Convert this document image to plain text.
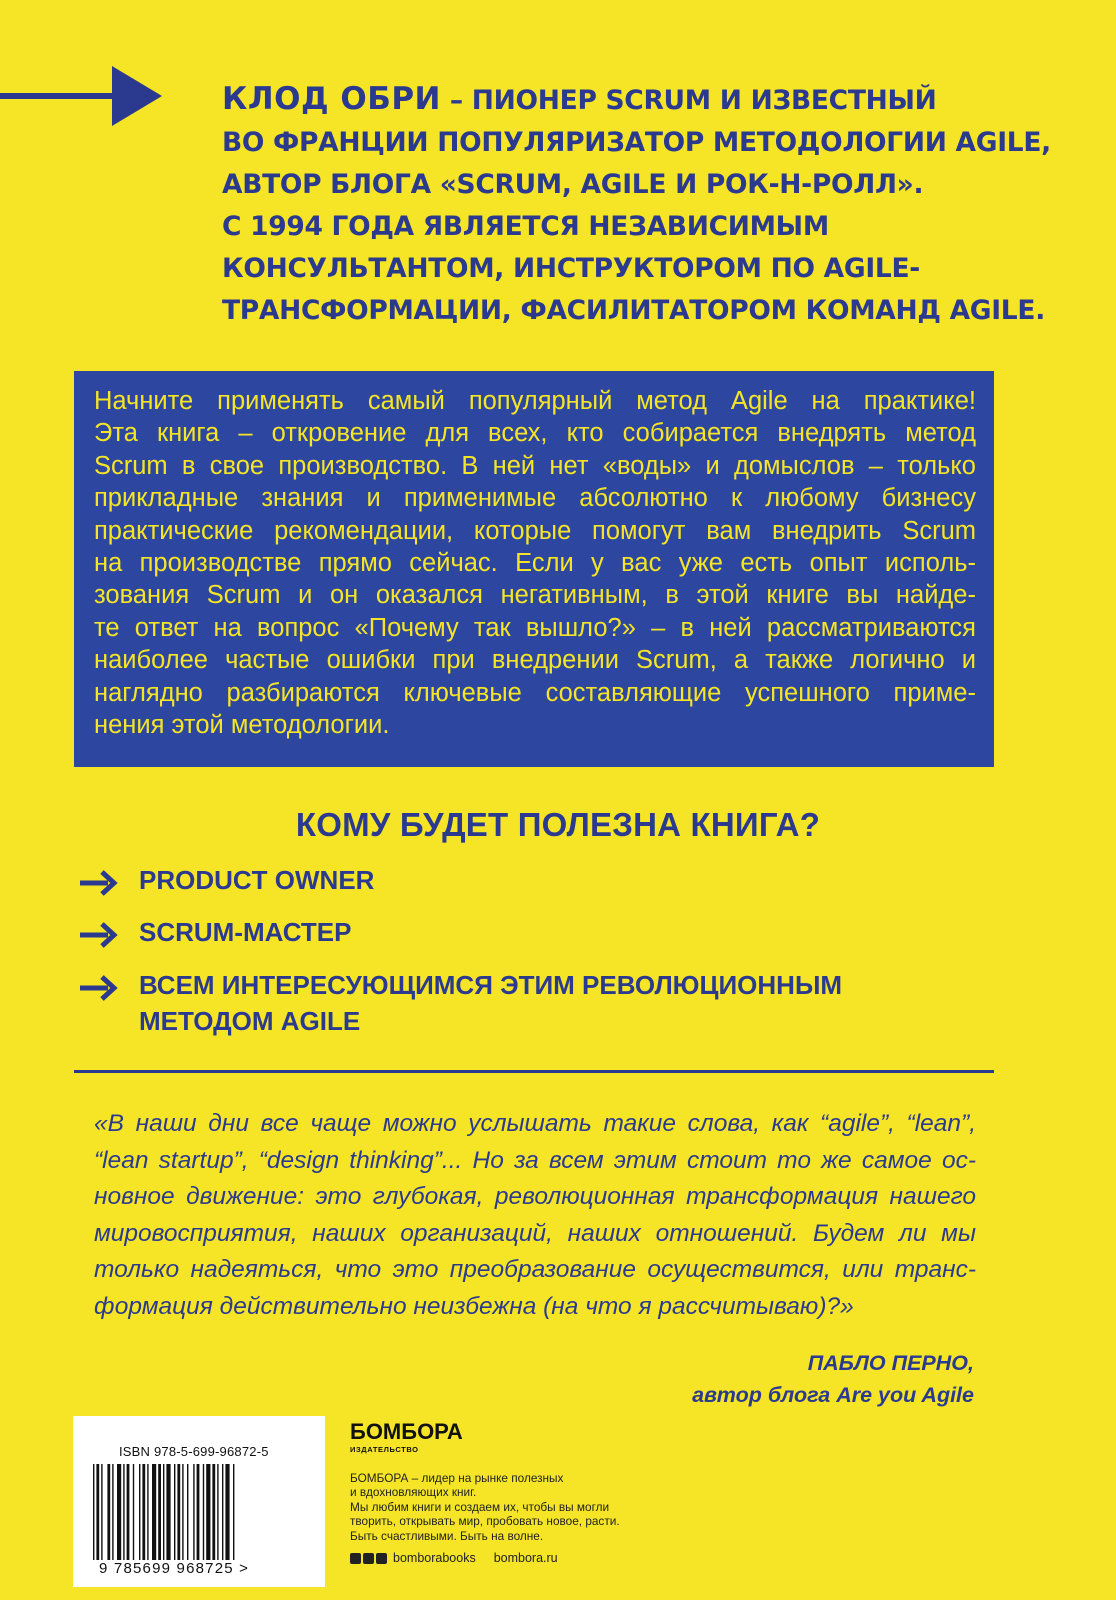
КЛОД ОБРИ – ПИОНЕР SCRUM И ИЗВЕСТНЫЙ
ВО ФРАНЦИИ ПОПУЛЯРИЗАТОР МЕТОДОЛОГИИ AGILE,
АВТОР БЛОГА «SCRUM, AGILE И РОК-Н-РОЛЛ».
С 1994 ГОДА ЯВЛЯЕТСЯ НЕЗАВИСИМЫМ
КОНСУЛЬТАНТОМ, ИНСТРУКТОРОМ ПО AGILE-
ТРАНСФОРМАЦИИ, ФАСИЛИТАТОРОМ КОМАНД AGILE.
Начните применять самый популярный метод Agile на практике!
Эта книга – откровение для всех, кто собирается внедрять метод
Scrum в свое производство. В ней нет «воды» и домыслов – только
прикладные знания и применимые абсолютно к любому бизнесу
практические рекомендации, которые помогут вам внедрить Scrum
на производстве прямо сейчас. Если у вас уже есть опыт исполь-
зования Scrum и он оказался негативным, в этой книге вы найде-
те ответ на вопрос «Почему так вышло?» – в ней рассматриваются
наиболее частые ошибки при внедрении Scrum, а также логично и
наглядно разбираются ключевые составляющие успешного приме-
нения этой методологии.
КОМУ БУДЕТ ПОЛЕЗНА КНИГА?
PRODUCT OWNER
SCRUM-МАСТЕР
ВСЕМ ИНТЕРЕСУЮЩИМСЯ ЭТИМ РЕВОЛЮЦИОННЫМ
МЕТОДОМ AGILE
«В наши дни все чаще можно услышать такие слова, как “agile”, “lean”,
“lean startup”, “design thinking”... Но за всем этим стоит то же самое ос-
новное движение: это глубокая, революционная трансформация нашего
мировосприятия, наших организаций, наших отношений. Будем ли мы
только надеяться, что это преобразование осуществится, или транс-
формация действительно неизбежна (на что я рассчитываю)?»
ПАБЛО ПЕРНО,
автор блога Are you Agile
ISBN 978-5-699-96872-5
9 785699 968725 >
БОМБОРА
ИЗДАТЕЛЬСТВО
БОМБОРА – лидер на рынке полезных
и вдохновляющих книг.
Мы любим книги и создаем их, чтобы вы могли
творить, открывать мир, пробовать новое, расти.
Быть счастливыми. Быть на волне.
bomborabooks bombora.ru
